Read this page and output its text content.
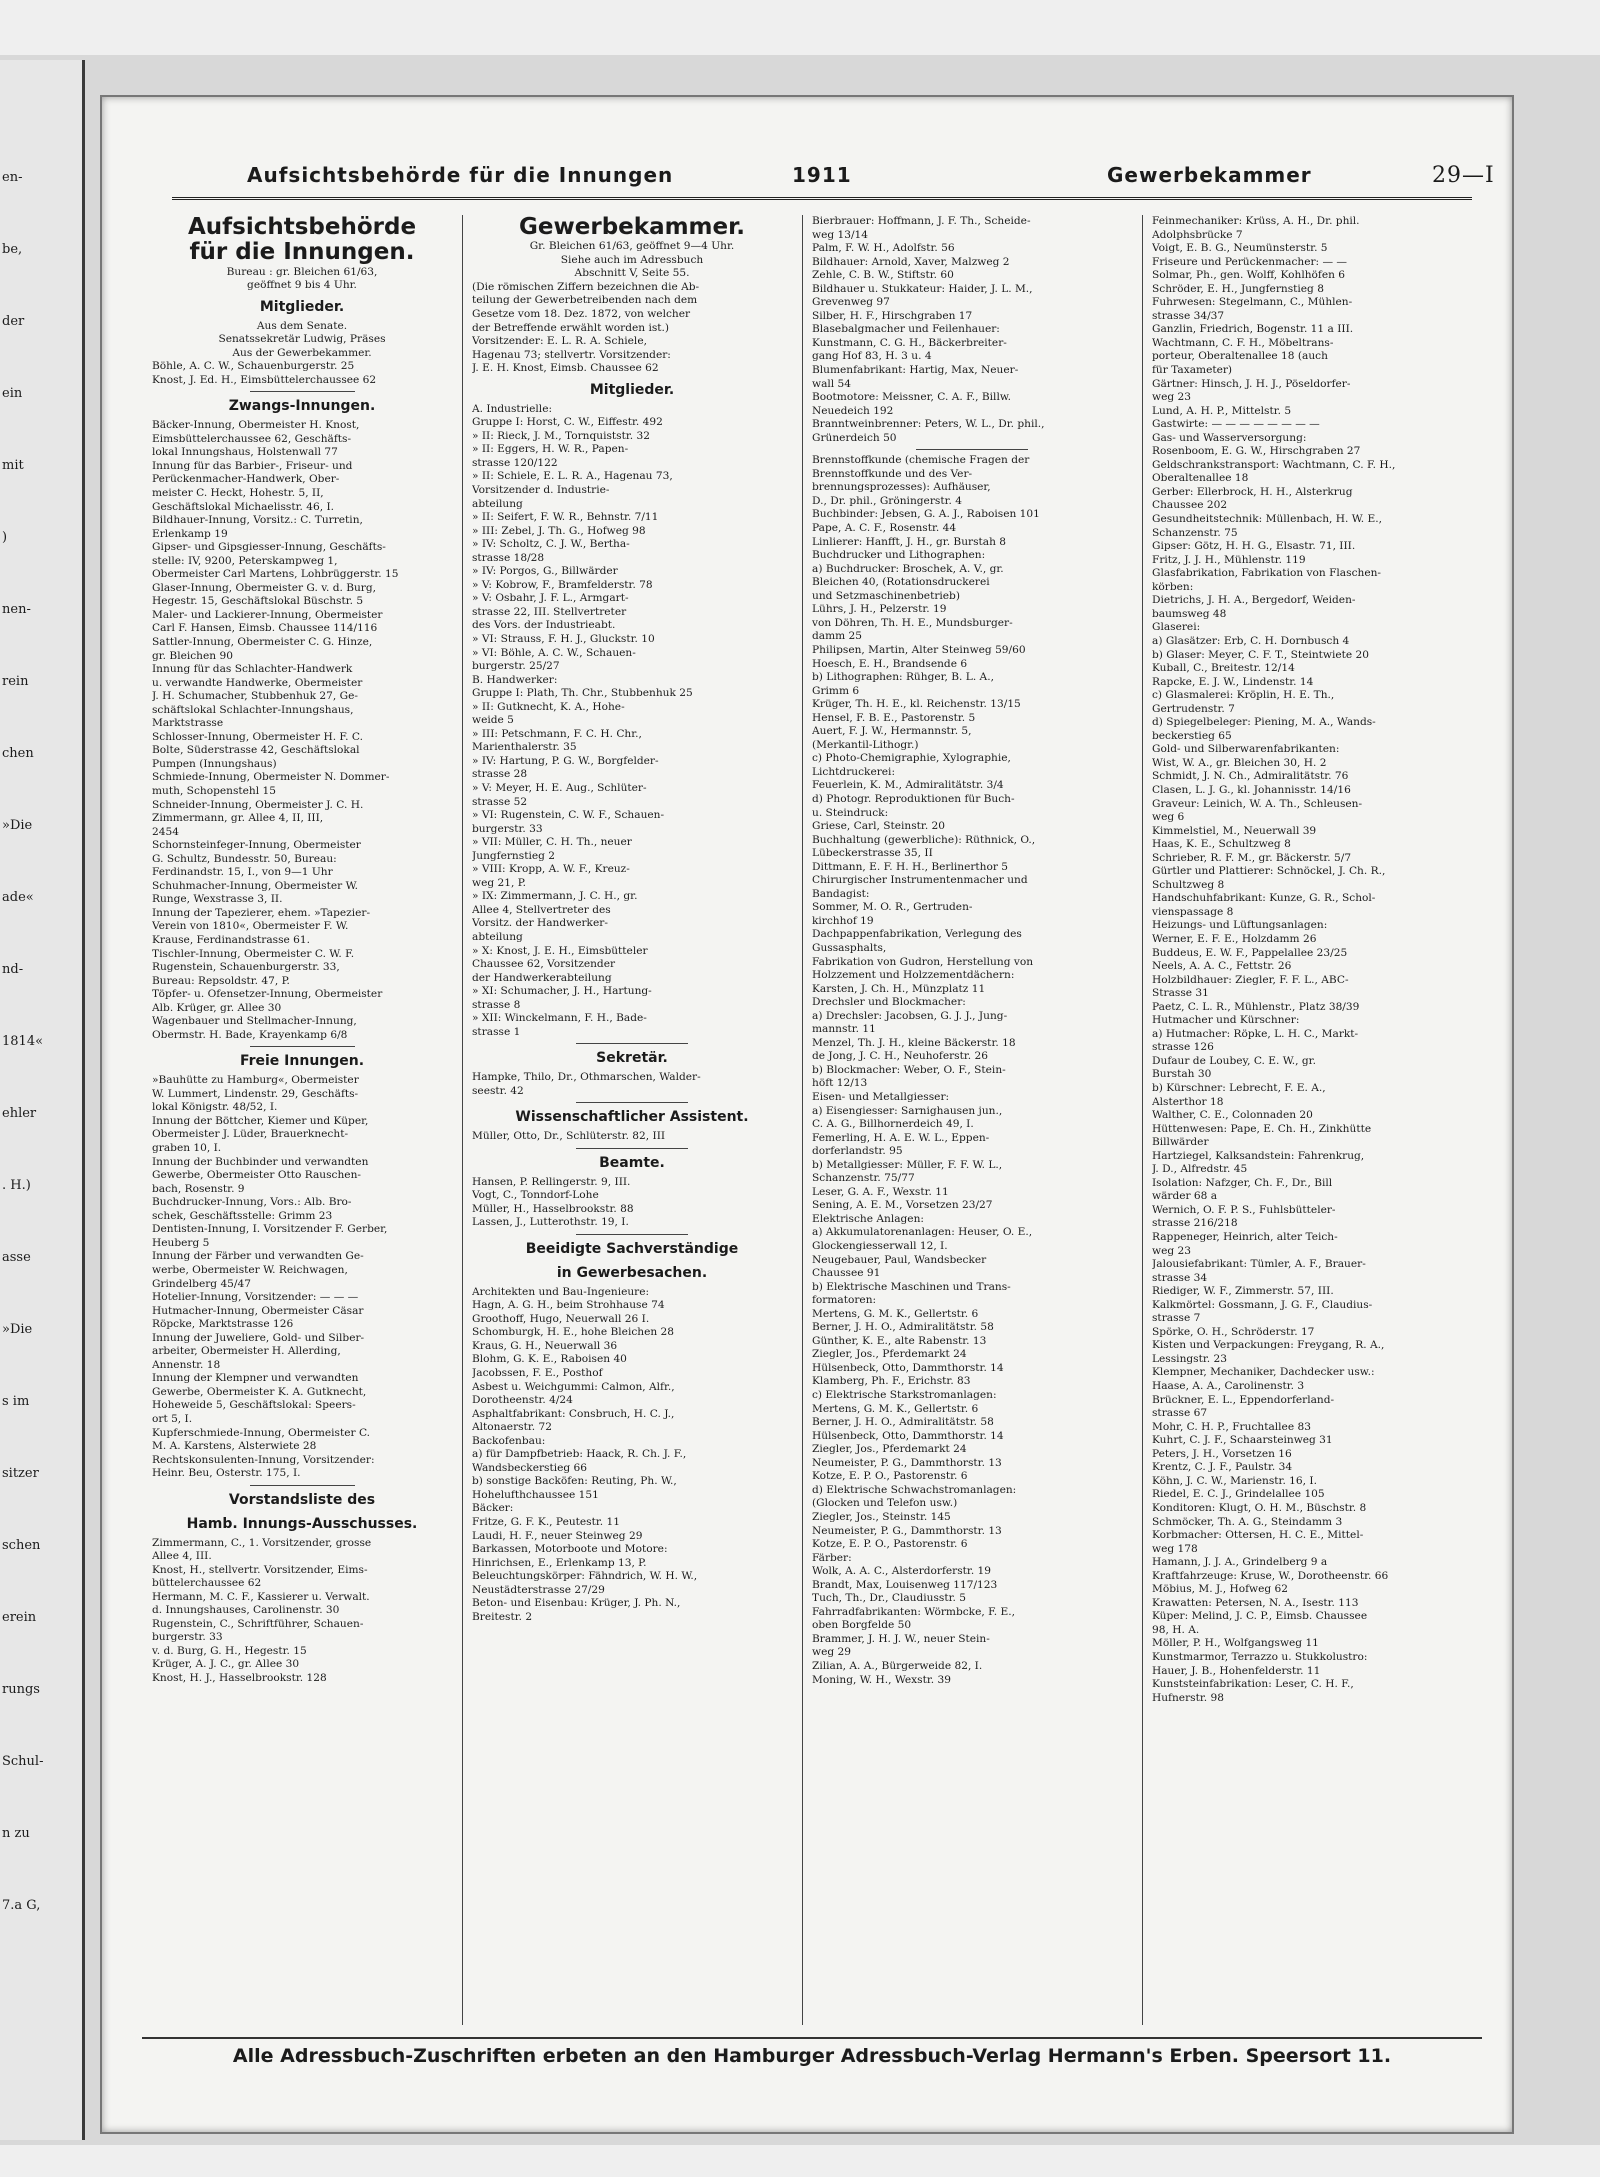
en-
be,
der
ein
mit
)
nen-
rein
chen
»Die
ade«
nd-
1814«
ehler
. H.)
asse
»Die
s im
sitzer
schen
erein
rungs
Schul-
n zu
7.a G,
Aufsichtsbehörde für die Innungen	1911	Gewerbekammer	29—I
Aufsichtsbehörde
für die Innungen.
Bureau : gr. Bleichen 61/63,
geöffnet 9 bis 4 Uhr.
Mitglieder.
Aus dem Senate.
Senatssekretär Ludwig, Präses
Aus der Gewerbekammer.
Böhle, A. C. W., Schauenburgerstr. 25
Knost, J. Ed. H., Eimsbüttelerchaussee 62
Zwangs-Innungen.
Bäcker-Innung, Obermeister H. Knost,
Eimsbüttelerchaussee 62, Geschäfts-
lokal Innungshaus, Holstenwall 77
Innung für das Barbier-, Friseur- und
Perückenmacher-Handwerk, Ober-
meister C. Heckt, Hohestr. 5, II,
Geschäftslokal Michaelisstr. 46, I.
Bildhauer-Innung, Vorsitz.: C. Turretin,
Erlenkamp 19
Gipser- und Gipsgiesser-Innung, Geschäfts-
stelle: IV, 9200, Peterskampweg 1,
Obermeister Carl Martens, Lohbrüggerstr. 15
Glaser-Innung, Obermeister G. v. d. Burg,
Hegestr. 15, Geschäftslokal Büschstr. 5
Maler- und Lackierer-Innung, Obermeister
Carl F. Hansen, Eimsb. Chaussee 114/116
Sattler-Innung, Obermeister C. G. Hinze,
gr. Bleichen 90
Innung für das Schlachter-Handwerk
u. verwandte Handwerke, Obermeister
J. H. Schumacher, Stubbenhuk 27, Ge-
schäftslokal Schlachter-Innungshaus,
Marktstrasse
Schlosser-Innung, Obermeister H. F. C.
Bolte, Süderstrasse 42, Geschäftslokal
Pumpen (Innungshaus)
Schmiede-Innung, Obermeister N. Dommer-
muth, Schopenstehl 15
Schneider-Innung, Obermeister J. C. H.
Zimmermann, gr. Allee 4, II, III,
2454
Schornsteinfeger-Innung, Obermeister
G. Schultz, Bundesstr. 50, Bureau:
Ferdinandstr. 15, I., von 9—1 Uhr
Schuhmacher-Innung, Obermeister W.
Runge, Wexstrasse 3, II.
Innung der Tapezierer, ehem. »Tapezier-
Verein von 1810«, Obermeister F. W.
Krause, Ferdinandstrasse 61.
Tischler-Innung, Obermeister C. W. F.
Rugenstein, Schauenburgerstr. 33,
Bureau: Repsoldstr. 47, P.
Töpfer- u. Ofensetzer-Innung, Obermeister
Alb. Krüger, gr. Allee 30
Wagenbauer und Stellmacher-Innung,
Obermstr. H. Bade, Krayenkamp 6/8
Freie Innungen.
»Bauhütte zu Hamburg«, Obermeister
W. Lummert, Lindenstr. 29, Geschäfts-
lokal Königstr. 48/52, I.
Innung der Böttcher, Kiemer und Küper,
Obermeister J. Lüder, Brauerknecht-
graben 10, I.
Innung der Buchbinder und verwandten
Gewerbe, Obermeister Otto Rauschen-
bach, Rosenstr. 9
Buchdrucker-Innung, Vors.: Alb. Bro-
schek, Geschäftsstelle: Grimm 23
Dentisten-Innung, I. Vorsitzender F. Gerber,
Heuberg 5
Innung der Färber und verwandten Ge-
werbe, Obermeister W. Reichwagen,
Grindelberg 45/47
Hotelier-Innung, Vorsitzender: — — —
Hutmacher-Innung, Obermeister Cäsar
Röpcke, Marktstrasse 126
Innung der Juweliere, Gold- und Silber-
arbeiter, Obermeister H. Allerding,
Annenstr. 18
Innung der Klempner und verwandten
Gewerbe, Obermeister K. A. Gutknecht,
Hoheweide 5, Geschäftslokal: Speers-
ort 5, I.
Kupferschmiede-Innung, Obermeister C.
M. A. Karstens, Alsterwiete 28
Rechtskonsulenten-Innung, Vorsitzender:
Heinr. Beu, Osterstr. 175, I.
Vorstandsliste des
Hamb. Innungs-Ausschusses.
Zimmermann, C., 1. Vorsitzender, grosse
Allee 4, III.
Knost, H., stellvertr. Vorsitzender, Eims-
büttelerchaussee 62
Hermann, M. C. F., Kassierer u. Verwalt.
d. Innungshauses, Carolinenstr. 30
Rugenstein, C., Schriftführer, Schauen-
burgerstr. 33
v. d. Burg, G. H., Hegestr. 15
Krüger, A. J. C., gr. Allee 30
Knost, H. J., Hasselbrookstr. 128
Gewerbekammer.
Gr. Bleichen 61/63, geöffnet 9—4 Uhr.
Siehe auch im Adressbuch
Abschnitt V, Seite 55.
(Die römischen Ziffern bezeichnen die Ab-
teilung der Gewerbetreibenden nach dem
Gesetze vom 18. Dez. 1872, von welcher
der Betreffende erwählt worden ist.)
Vorsitzender: E. L. R. A. Schiele,
Hagenau 73; stellvertr. Vorsitzender:
J. E. H. Knost, Eimsb. Chaussee 62
Mitglieder.
A. Industrielle:
Gruppe I: Horst, C. W., Eiffestr. 492
» II: Rieck, J. M., Tornquiststr. 32
» II: Eggers, H. W. R., Papen-
strasse 120/122
» II: Schiele, E. L. R. A., Hagenau 73,
Vorsitzender d. Industrie-
abteilung
» II: Seifert, F. W. R., Behnstr. 7/11
» III: Zebel, J. Th. G., Hofweg 98
» IV: Scholtz, C. J. W., Bertha-
strasse 18/28
» IV: Porgos, G., Billwärder
» V: Kobrow, F., Bramfelderstr. 78
» V: Osbahr, J. F. L., Armgart-
strasse 22, III. Stellvertreter
des Vors. der Industrieabt.
» VI: Strauss, F. H. J., Gluckstr. 10
» VI: Böhle, A. C. W., Schauen-
burgerstr. 25/27
B. Handwerker:
Gruppe I: Plath, Th. Chr., Stubbenhuk 25
» II: Gutknecht, K. A., Hohe-
weide 5
» III: Petschmann, F. C. H. Chr.,
Marienthalerstr. 35
» IV: Hartung, P. G. W., Borgfelder-
strasse 28
» V: Meyer, H. E. Aug., Schlüter-
strasse 52
» VI: Rugenstein, C. W. F., Schauen-
burgerstr. 33
» VII: Müller, C. H. Th., neuer
Jungfernstieg 2
» VIII: Kropp, A. W. F., Kreuz-
weg 21, P.
» IX: Zimmermann, J. C. H., gr.
Allee 4, Stellvertreter des
Vorsitz. der Handwerker-
abteilung
» X: Knost, J. E. H., Eimsbütteler
Chaussee 62, Vorsitzender
der Handwerkerabteilung
» XI: Schumacher, J. H., Hartung-
strasse 8
» XII: Winckelmann, F. H., Bade-
strasse 1
Sekretär.
Hampke, Thilo, Dr., Othmarschen, Walder-
seestr. 42
Wissenschaftlicher Assistent.
Müller, Otto, Dr., Schlüterstr. 82, III
Beamte.
Hansen, P. Rellingerstr. 9, III.
Vogt, C., Tonndorf-Lohe
Müller, H., Hasselbrookstr. 88
Lassen, J., Lutterothstr. 19, I.
Beeidigte Sachverständige
in Gewerbesachen.
Architekten und Bau-Ingenieure:
Hagn, A. G. H., beim Strohhause 74
Groothoff, Hugo, Neuerwall 26 I.
Schomburgk, H. E., hohe Bleichen 28
Kraus, G. H., Neuerwall 36
Blohm, G. K. E., Raboisen 40
Jacobssen, F. E., Posthof
Asbest u. Weichgummi: Calmon, Alfr.,
Dorotheenstr. 4/24
Asphaltfabrikant: Consbruch, H. C. J.,
Altonaerstr. 72
Backofenbau:
a) für Dampfbetrieb: Haack, R. Ch. J. F.,
Wandsbeckerstieg 66
b) sonstige Backöfen: Reuting, Ph. W.,
Hohelufthchaussee 151
Bäcker:
Fritze, G. F. K., Peutestr. 11
Laudi, H. F., neuer Steinweg 29
Barkassen, Motorboote und Motore:
Hinrichsen, E., Erlenkamp 13, P.
Beleuchtungskörper: Fähndrich, W. H. W.,
Neustädterstrasse 27/29
Beton- und Eisenbau: Krüger, J. Ph. N.,
Breitestr. 2
Bierbrauer: Hoffmann, J. F. Th., Scheide-
weg 13/14
Palm, F. W. H., Adolfstr. 56
Bildhauer: Arnold, Xaver, Malzweg 2
Zehle, C. B. W., Stiftstr. 60
Bildhauer u. Stukkateur: Haider, J. L. M.,
Grevenweg 97
Silber, H. F., Hirschgraben 17
Blasebalgmacher und Feilenhauer:
Kunstmann, C. G. H., Bäckerbreiter-
gang Hof 83, H. 3 u. 4
Blumenfabrikant: Hartig, Max, Neuer-
wall 54
Bootmotore: Meissner, C. A. F., Billw.
Neuedeich 192
Branntweinbrenner: Peters, W. L., Dr. phil.,
Grünerdeich 50
Brennstoffkunde (chemische Fragen der
Brennstoffkunde und des Ver-
brennungsprozesses): Aufhäuser,
D., Dr. phil., Gröningerstr. 4
Buchbinder: Jebsen, G. A. J., Raboisen 101
Pape, A. C. F., Rosenstr. 44
Linlierer: Hanfft, J. H., gr. Burstah 8
Buchdrucker und Lithographen:
a) Buchdrucker: Broschek, A. V., gr.
Bleichen 40, (Rotationsdruckerei
und Setzmaschinenbetrieb)
Lührs, J. H., Pelzerstr. 19
von Döhren, Th. H. E., Mundsburger-
damm 25
Philipsen, Martin, Alter Steinweg 59/60
Hoesch, E. H., Brandsende 6
b) Lithographen: Rühger, B. L. A.,
Grimm 6
Krüger, Th. H. E., kl. Reichenstr. 13/15
Hensel, F. B. E., Pastorenstr. 5
Auert, F. J. W., Hermannstr. 5,
(Merkantil-Lithogr.)
c) Photo-Chemigraphie, Xylographie,
Lichtdruckerei:
Feuerlein, K. M., Admiralitätstr. 3/4
d) Photogr. Reproduktionen für Buch-
u. Steindruck:
Griese, Carl, Steinstr. 20
Buchhaltung (gewerbliche): Rüthnick, O.,
Lübeckerstrasse 35, II
Dittmann, E. F. H. H., Berlinerthor 5
Chirurgischer Instrumentenmacher und
Bandagist:
Sommer, M. O. R., Gertruden-
kirchhof 19
Dachpappenfabrikation, Verlegung des
Gussasphalts,
Fabrikation von Gudron, Herstellung von
Holzzement und Holzzementdächern:
Karsten, J. Ch. H., Münzplatz 11
Drechsler und Blockmacher:
a) Drechsler: Jacobsen, G. J. J., Jung-
mannstr. 11
Menzel, Th. J. H., kleine Bäckerstr. 18
de Jong, J. C. H., Neuhoferstr. 26
b) Blockmacher: Weber, O. F., Stein-
höft 12/13
Eisen- und Metallgiesser:
a) Eisengiesser: Sarnighausen jun.,
C. A. G., Billhornerdeich 49, I.
Femerling, H. A. E. W. L., Eppen-
dorferlandstr. 95
b) Metallgiesser: Müller, F. F. W. L.,
Schanzenstr. 75/77
Leser, G. A. F., Wexstr. 11
Sening, A. E. M., Vorsetzen 23/27
Elektrische Anlagen:
a) Akkumulatorenanlagen: Heuser, O. E.,
Glockengiesserwall 12, I.
Neugebauer, Paul, Wandsbecker
Chaussee 91
b) Elektrische Maschinen und Trans-
formatoren:
Mertens, G. M. K., Gellertstr. 6
Berner, J. H. O., Admiralitätstr. 58
Günther, K. E., alte Rabenstr. 13
Ziegler, Jos., Pferdemarkt 24
Hülsenbeck, Otto, Dammthorstr. 14
Klamberg, Ph. F., Erichstr. 83
c) Elektrische Starkstromanlagen:
Mertens, G. M. K., Gellertstr. 6
Berner, J. H. O., Admiralitätstr. 58
Hülsenbeck, Otto, Dammthorstr. 14
Ziegler, Jos., Pferdemarkt 24
Neumeister, P. G., Dammthorstr. 13
Kotze, E. P. O., Pastorenstr. 6
d) Elektrische Schwachstromanlagen:
(Glocken und Telefon usw.)
Ziegler, Jos., Steinstr. 145
Neumeister, P. G., Dammthorstr. 13
Kotze, E. P. O., Pastorenstr. 6
Färber:
Wolk, A. A. C., Alsterdorferstr. 19
Brandt, Max, Louisenweg 117/123
Tuch, Th., Dr., Claudiusstr. 5
Fahrradfabrikanten: Wörmbcke, F. E.,
oben Borgfelde 50
Brammer, J. H. J. W., neuer Stein-
weg 29
Zilian, A. A., Bürgerweide 82, I.
Moning, W. H., Wexstr. 39
Feinmechaniker: Krüss, A. H., Dr. phil.
Adolphsbrücke 7
Voigt, E. B. G., Neumünsterstr. 5
Friseure und Perückenmacher: — —
Solmar, Ph., gen. Wolff, Kohlhöfen 6
Schröder, E. H., Jungfernstieg 8
Fuhrwesen: Stegelmann, C., Mühlen-
strasse 34/37
Ganzlin, Friedrich, Bogenstr. 11 a III.
Wachtmann, C. F. H., Möbeltrans-
porteur, Oberaltenallee 18 (auch
für Taxameter)
Gärtner: Hinsch, J. H. J., Pöseldorfer-
weg 23
Lund, A. H. P., Mittelstr. 5
Gastwirte: — — — — — — — —
Gas- und Wasserversorgung:
Rosenboom, E. G. W., Hirschgraben 27
Geldschrankstransport: Wachtmann, C. F. H.,
Oberaltenallee 18
Gerber: Ellerbrock, H. H., Alsterkrug
Chaussee 202
Gesundheitstechnik: Müllenbach, H. W. E.,
Schanzenstr. 75
Gipser: Götz, H. H. G., Elsastr. 71, III.
Fritz, J. J. H., Mühlenstr. 119
Glasfabrikation, Fabrikation von Flaschen-
körben:
Dietrichs, J. H. A., Bergedorf, Weiden-
baumsweg 48
Glaserei:
a) Glasätzer: Erb, C. H. Dornbusch 4
b) Glaser: Meyer, C. F. T., Steintwiete 20
Kuball, C., Breitestr. 12/14
Rapcke, E. J. W., Lindenstr. 14
c) Glasmalerei: Kröplin, H. E. Th.,
Gertrudenstr. 7
d) Spiegelbeleger: Piening, M. A., Wands-
beckerstieg 65
Gold- und Silberwarenfabrikanten:
Wist, W. A., gr. Bleichen 30, H. 2
Schmidt, J. N. Ch., Admiralitätstr. 76
Clasen, L. J. G., kl. Johannisstr. 14/16
Graveur: Leinich, W. A. Th., Schleusen-
weg 6
Kimmelstiel, M., Neuerwall 39
Haas, K. E., Schultzweg 8
Schrieber, R. F. M., gr. Bäckerstr. 5/7
Gürtler und Plattierer: Schnöckel, J. Ch. R.,
Schultzweg 8
Handschuhfabrikant: Kunze, G. R., Schol-
vienspassage 8
Heizungs- und Lüftungsanlagen:
Werner, E. F. E., Holzdamm 26
Buddeus, E. W. F., Pappelallee 23/25
Neels, A. A. C., Fettstr. 26
Holzbildhauer: Ziegler, F. F. L., ABC-
Strasse 31
Paetz, C. L. R., Mühlenstr., Platz 38/39
Hutmacher und Kürschner:
a) Hutmacher: Röpke, L. H. C., Markt-
strasse 126
Dufaur de Loubey, C. E. W., gr.
Burstah 30
b) Kürschner: Lebrecht, F. E. A.,
Alsterthor 18
Walther, C. E., Colonnaden 20
Hüttenwesen: Pape, E. Ch. H., Zinkhütte
Billwärder
Hartziegel, Kalksandstein: Fahrenkrug,
J. D., Alfredstr. 45
Isolation: Nafzger, Ch. F., Dr., Bill
wärder 68 a
Wernich, O. F. P. S., Fuhlsbütteler-
strasse 216/218
Rappeneger, Heinrich, alter Teich-
weg 23
Jalousiefabrikant: Tümler, A. F., Brauer-
strasse 34
Riediger, W. F., Zimmerstr. 57, III.
Kalkmörtel: Gossmann, J. G. F., Claudius-
strasse 7
Spörke, O. H., Schröderstr. 17
Kisten und Verpackungen: Freygang, R. A.,
Lessingstr. 23
Klempner, Mechaniker, Dachdecker usw.:
Haase, A. A., Carolinenstr. 3
Brückner, E. L., Eppendorferland-
strasse 67
Mohr, C. H. P., Fruchtallee 83
Kuhrt, C. J. F., Schaarsteinweg 31
Peters, J. H., Vorsetzen 16
Krentz, C. J. F., Paulstr. 34
Köhn, J. C. W., Marienstr. 16, I.
Riedel, E. C. J., Grindelallee 105
Konditoren: Klugt, O. H. M., Büschstr. 8
Schmöcker, Th. A. G., Steindamm 3
Korbmacher: Ottersen, H. C. E., Mittel-
weg 178
Hamann, J. J. A., Grindelberg 9 a
Kraftfahrzeuge: Kruse, W., Dorotheenstr. 66
Möbius, M. J., Hofweg 62
Krawatten: Petersen, N. A., Isestr. 113
Küper: Melind, J. C. P., Eimsb. Chaussee
98, H. A.
Möller, P. H., Wolfgangsweg 11
Kunstmarmor, Terrazzo u. Stukkolustro:
Hauer, J. B., Hohenfelderstr. 11
Kunststeinfabrikation: Leser, C. H. F.,
Hufnerstr. 98
Alle Adressbuch-Zuschriften erbeten an den Hamburger Adressbuch-Verlag Hermann's Erben. Speersort 11.
